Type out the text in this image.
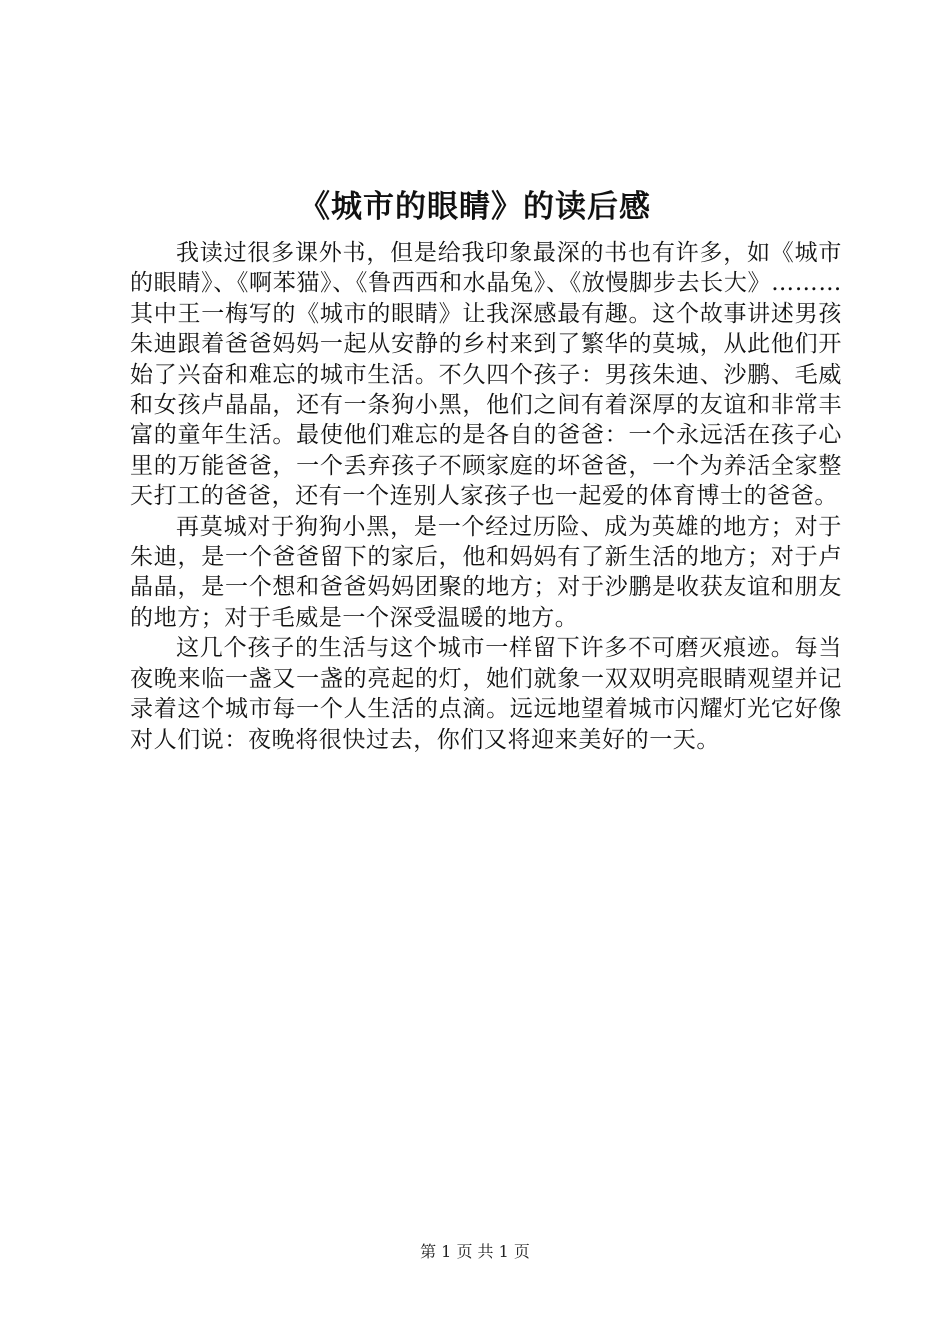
《城市的眼睛》的读后感

我读过很多课外书，但是给我印象最深的书也有许多，如《城市的眼睛》、《啊苯猫》、《鲁西西和水晶兔》、《放慢脚步去长大》………其中王一梅写的《城市的眼睛》让我深感最有趣。这个故事讲述男孩朱迪跟着爸爸妈妈一起从安静的乡村来到了繁华的莫城，从此他们开始了兴奋和难忘的城市生活。不久四个孩子：男孩朱迪、沙鹏、毛威和女孩卢晶晶，还有一条狗小黑，他们之间有着深厚的友谊和非常丰富的童年生活。最使他们难忘的是各自的爸爸：一个永远活在孩子心里的万能爸爸，一个丢弃孩子不顾家庭的坏爸爸，一个为养活全家整天打工的爸爸，还有一个连别人家孩子也一起爱的体育博士的爸爸。

再莫城对于狗狗小黑，是一个经过历险、成为英雄的地方；对于朱迪，是一个爸爸留下的家后，他和妈妈有了新生活的地方；对于卢晶晶，是一个想和爸爸妈妈团聚的地方；对于沙鹏是收获友谊和朋友的地方；对于毛威是一个深受温暖的地方。

这几个孩子的生活与这个城市一样留下许多不可磨灭痕迹。每当夜晚来临一盏又一盏的亮起的灯，她们就象一双双明亮眼睛观望并记录着这个城市每一个人生活的点滴。远远地望着城市闪耀灯光它好像对人们说：夜晚将很快过去，你们又将迎来美好的一天。

第 1 页 共 1 页
